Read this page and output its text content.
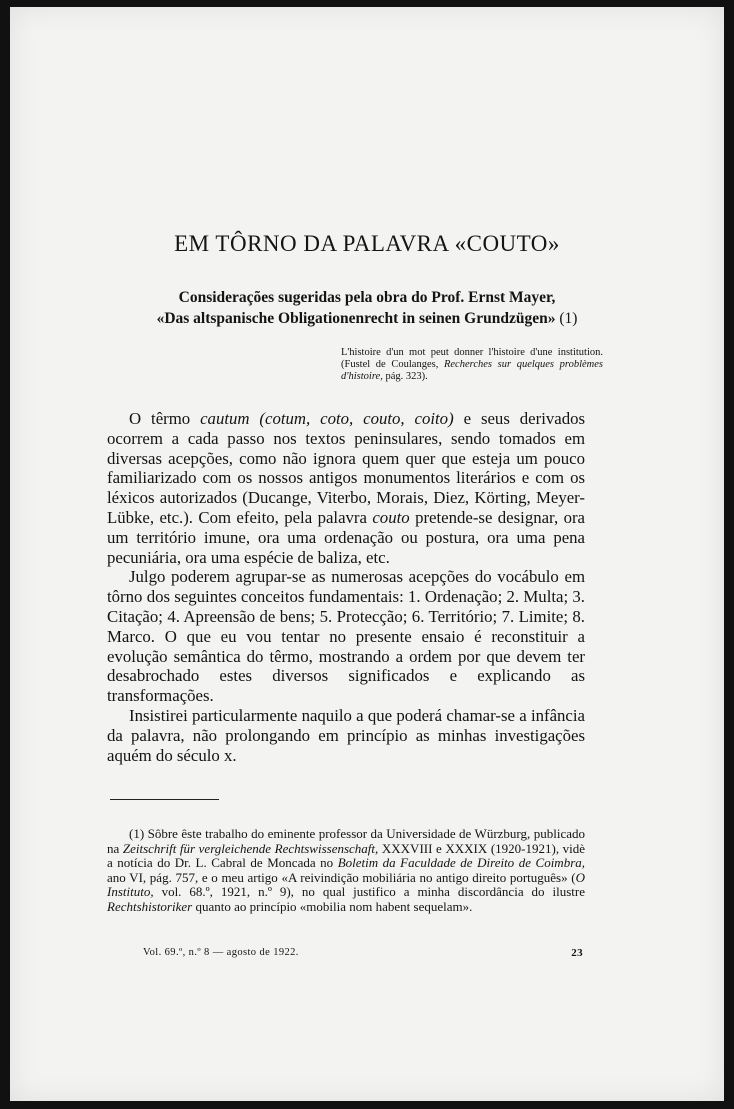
EM TÔRNO DA PALAVRA «COUTO»
Considerações sugeridas pela obra do Prof. Ernst Mayer,
«Das altspanische Obligationenrecht in seinen Grundzügen» (1)
L'histoire d'un mot peut donner l'histoire d'une institution. (Fustel de Coulanges, Recherches sur quelques problèmes d'histoire, pág. 323).

O têrmo cautum (cotum, coto, couto, coito) e seus derivados ocorrem a cada passo nos textos peninsulares, sendo tomados em diversas acepções, como não ignora quem quer que esteja um pouco familiarizado com os nossos antigos monumentos literários e com os léxicos autorizados (Ducange, Viterbo, Morais, Diez, Körting, Meyer-Lübke, etc.). Com efeito, pela palavra couto pretende-se designar, ora um território imune, ora uma ordenação ou postura, ora uma pena pecuniária, ora uma espécie de baliza, etc.

Julgo poderem agrupar-se as numerosas acepções do vocábulo em tôrno dos seguintes conceitos fundamentais: 1. Ordenação; 2. Multa; 3. Citação; 4. Apreensão de bens; 5. Protecção; 6. Território; 7. Limite; 8. Marco. O que eu vou tentar no presente ensaio é reconstituir a evolução semântica do têrmo, mostrando a ordem por que devem ter desabrochado estes diversos significados e explicando as transformações.

Insistirei particularmente naquilo a que poderá chamar-se a infância da palavra, não prolongando em princípio as minhas investigações aquém do século x.

(1) Sôbre êste trabalho do eminente professor da Universidade de Würzburg, publicado na Zeitschrift für vergleichende Rechtswissenschaft, XXXVIII e XXXIX (1920-1921), vidè a notícia do Dr. L. Cabral de Moncada no Boletim da Faculdade de Direito de Coimbra, ano VI, pág. 757, e o meu artigo «A reivindição mobiliária no antigo direito português» (O Instituto, vol. 68.º, 1921, n.º 9), no qual justifico a minha discordância do ilustre Rechtshistoriker quanto ao princípio «mobilia nom habent sequelam».

Vol. 69.º, n.º 8 — agosto de 1922.	23
